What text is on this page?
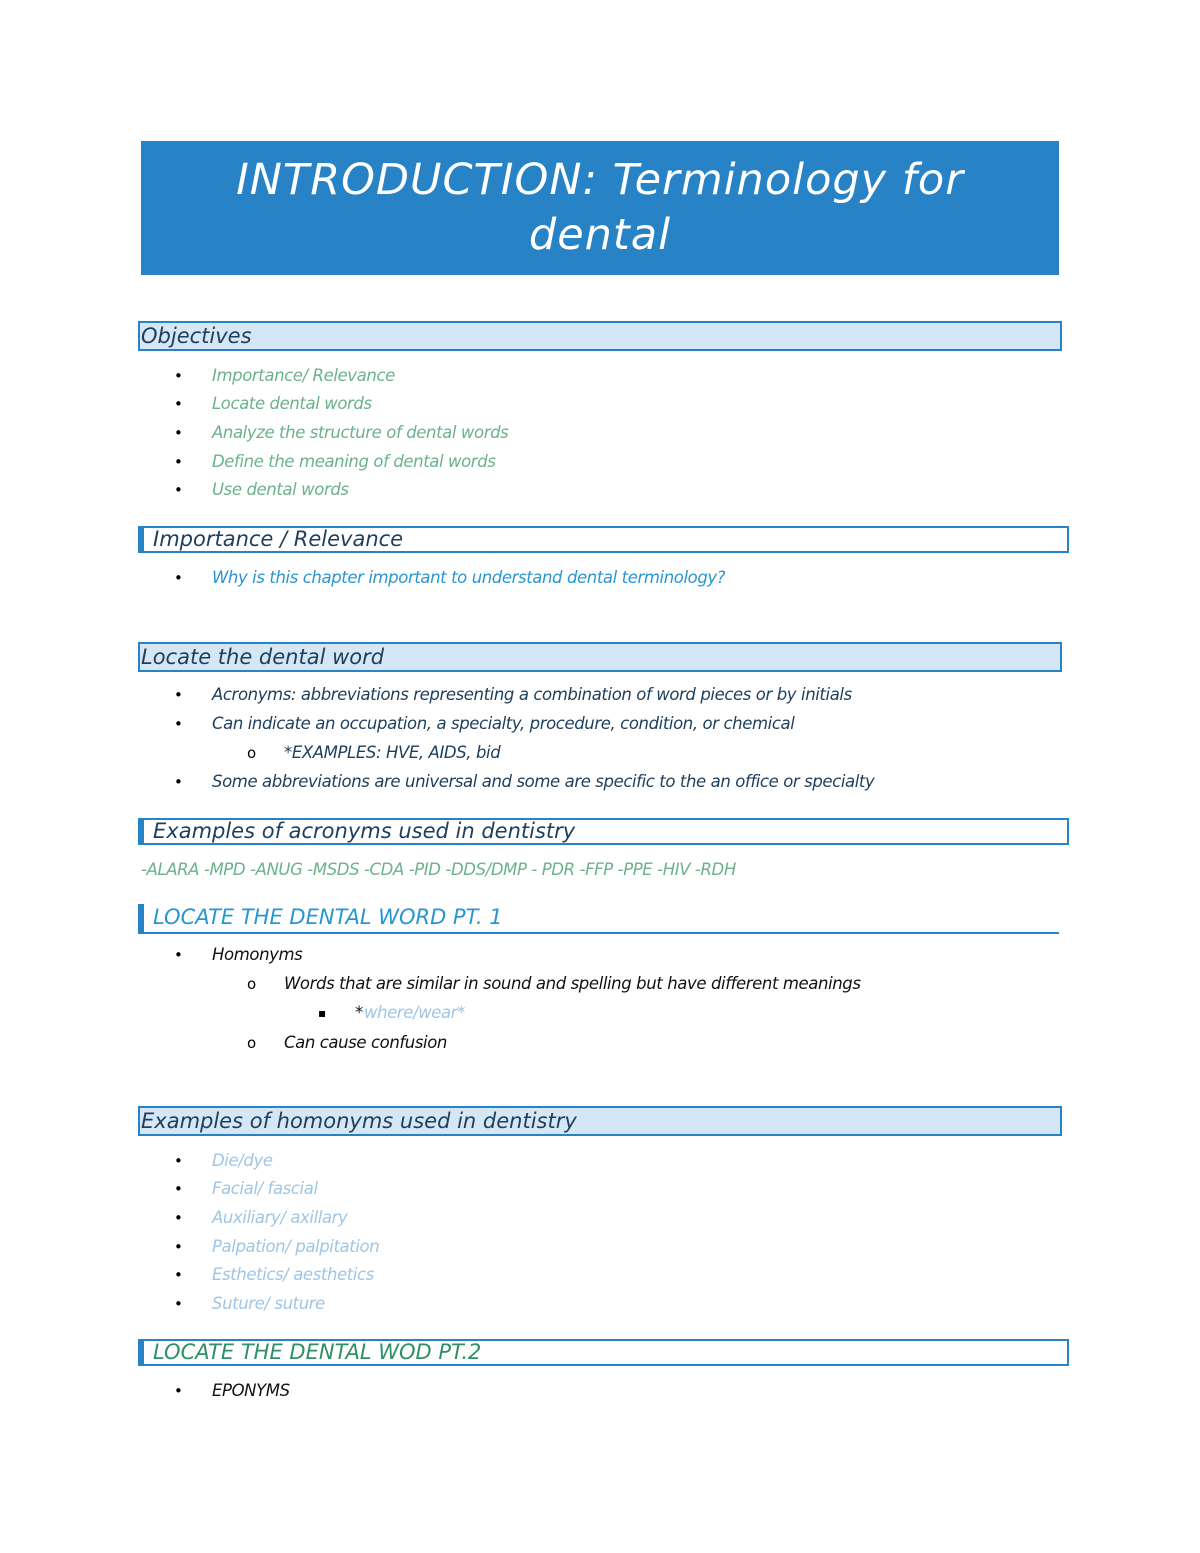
INTRODUCTION: Terminology for
dental
Objectives
• Importance/ Relevance
• Locate dental words
• Analyze the structure of dental words
• Define the meaning of dental words
• Use dental words
Importance / Relevance
• Why is this chapter important to understand dental terminology?
Locate the dental word
• Acronyms: abbreviations representing a combination of word pieces or by initials
• Can indicate an occupation, a specialty, procedure, condition, or chemical
o *EXAMPLES: HVE, AIDS, bid
• Some abbreviations are universal and some are specific to the an office or specialty
Examples of acronyms used in dentistry
-ALARA -MPD -ANUG -MSDS -CDA -PID -DDS/DMP - PDR -FFP -PPE -HIV -RDH
LOCATE THE DENTAL WORD PT. 1
• Homonyms
o Words that are similar in sound and spelling but have different meanings
▪ * where/wear*
o Can cause confusion
Examples of homonyms used in dentistry
• Die/dye
• Facial/ fascial
• Auxiliary/ axillary
• Palpation/ palpitation
• Esthetics/ aesthetics
• Suture/ suture
LOCATE THE DENTAL WOD PT.2
• EPONYMS
